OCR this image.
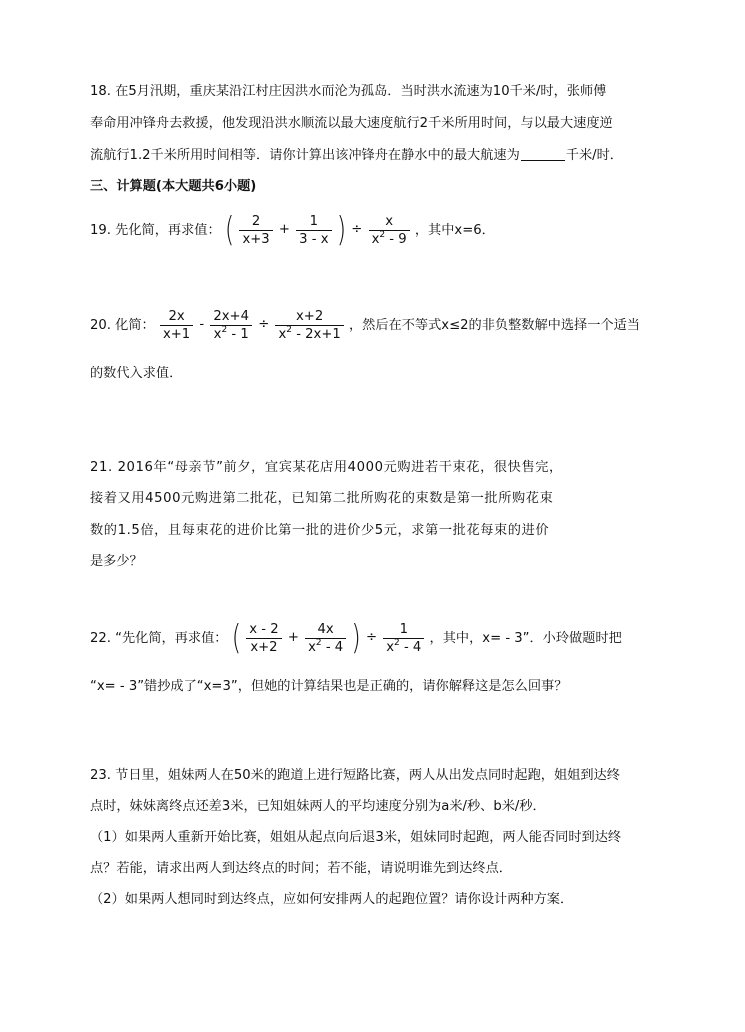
18. 在5月汛期，重庆某沿江村庄因洪水而沦为孤岛．当时洪水流速为10千米/时，张师傅
奉命用冲锋舟去救援，他发现沿洪水顺流以最大速度航行2千米所用时间，与以最大速度逆
流航行1.2千米所用时间相等．请你计算出该冲锋舟在静水中的最大航速为	千米/时．
三、计算题(本大题共6小题)
19. 先化简，再求值： ( $\frac{2}{x+3} + \frac{1}{3 - x}$ ) ÷ $\frac{x}{x^2 - 9}$ ，其中x=6．
20. 化简： $\frac{2x}{x+1} - \frac{2x+4}{x^2 - 1} \div \frac{x+2}{x^2 - 2x+1}$ ，然后在不等式x≤2的非负整数解中选择一个适当
的数代入求值．
21. 2016年“母亲节”前夕，宜宾某花店用4000元购进若干束花，很快售完，
接着又用4500元购进第二批花，已知第二批所购花的束数是第一批所购花束
数的1.5倍，且每束花的进价比第一批的进价少5元，求第一批花每束的进价
是多少？
22. “先化简，再求值： ( $\frac{x - 2}{x+2} + \frac{4x}{x^2 - 4}$ ) ÷ $\frac{1}{x^2 - 4}$ ，其中，x= - 3”．小玲做题时把
“x= - 3”错抄成了“x=3”，但她的计算结果也是正确的，请你解释这是怎么回事？
23. 节日里，姐妹两人在50米的跑道上进行短路比赛，两人从出发点同时起跑，姐姐到达终
点时，妹妹离终点还差3米，已知姐妹两人的平均速度分别为a米/秒、b米/秒．
（1）如果两人重新开始比赛，姐姐从起点向后退3米，姐妹同时起跑，两人能否同时到达终
点？若能，请求出两人到达终点的时间；若不能，请说明谁先到达终点．
（2）如果两人想同时到达终点，应如何安排两人的起跑位置？请你设计两种方案．
